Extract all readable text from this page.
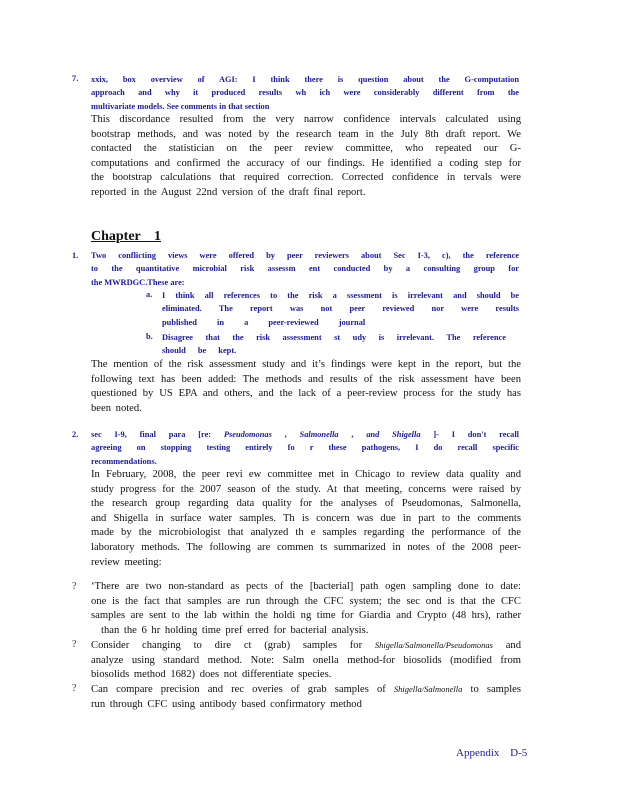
7. xxix, box overview of AGI: I think there is question about the G-computation
approach and why it produced results wh ich were considerably different from the
multivariate models. See comments in that section
This discordance resulted from the very narrow confidence intervals calculated using
bootstrap methods, and was noted by the research team in the July 8th draft report. We
contacted the statistician on the peer review committee, who repeated our G-
computations and confirmed the accuracy of our findings. He identified a coding step for
the bootstrap calculations that required correction. Corrected confidence in tervals were
reported in the August 22nd version of the draft final report.
Chapter 1
1. Two conflicting views were offered by peer reviewers about Sec I-3, c), the reference
to the quantitative microbial risk assessm ent conducted by a consulting group for
the MWRDGC.These are:
a. I think all references to the risk a ssessment is irrelevant and should be
eliminated. The report was not peer reviewed nor were results
published in a peer-reviewed journal
b. Disagree that the risk assessment st udy is irrelevant. The reference
should be kept.
The mention of the risk assessment study and it’s findings were kept in the report, but the
following text has been added: The methods and results of the risk assessment have been
questioned by US EPA and others, and the lack of a peer-review process for the study has
been noted.
2. sec I-9, final para [re: Pseudomonas , Salmonella , and Shigella ]- I don't recall
agreeing on stopping testing entirely fo r these pathogens, I do recall specific
recommendations.
In February, 2008, the peer revi ew committee met in Chicago to review data quality and
study progress for the 2007 season of the study. At that meeting, concerns were raised by
the research group regarding data quality for the analyses of Pseudomonas, Salmonella,
and Shigella in surface water samples. Th is concern was due in part to the comments
made by the microbiologist that analyzed th e samples regarding the performance of the
laboratory methods. The following are commen ts summarized in notes of the 2008 peer-
review meeting:
? ‘There are two non-standard as pects of the [bacterial] path ogen sampling done to date:
one is the fact that samples are run through the CFC system; the sec ond is that the CFC
samples are sent to the lab within the holdi ng time for Giardia and Crypto (48 hrs), rather
than the 6 hr holding time pref erred for bacterial analysis.
? Consider changing to dire ct (grab) samples for Shigella/Salmonella/Pseudomonas and
analyze using standard method. Note: Salm onella method-for biosolids (modified from
biosolids method 1682) does not differentiate species.
? Can compare precision and rec overies of grab samples of Shigella/Salmonella to samples
run through CFC using antibody based confirmatory method
Appendix D-5
